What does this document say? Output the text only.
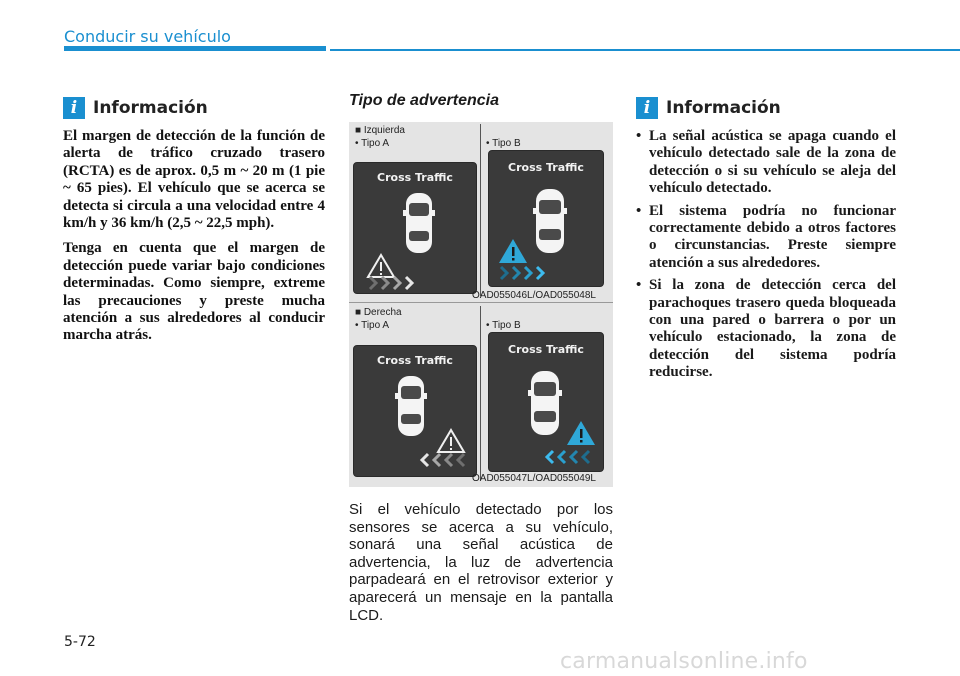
Conducir su vehículo
i Información

El margen de detección de la función de alerta de tráfico cruzado trasero (RCTA) es de aprox. 0,5 m ~ 20 m (1 pie ~ 65 pies). El vehículo que se acerca se detecta si circula a una velocidad entre 4 km/h y 36 km/h (2,5 ~ 22,5 mph).

Tenga en cuenta que el margen de detección puede variar bajo condiciones determinadas. Como siempre, extreme las precauciones y preste mucha atención a sus alrededores al conducir marcha atrás.

Tipo de advertencia
■ Izquierda
• Tipo A	• Tipo B
Cross Traffic
Cross Traffic
OAD055046L/OAD055048L
■ Derecha
• Tipo A	• Tipo B
Cross Traffic
Cross Traffic
OAD055047L/OAD055049L

Si el vehículo detectado por los sensores se acerca a su vehículo, sonará una señal acústica de advertencia, la luz de advertencia parpadeará en el retrovisor exterior y aparecerá un mensaje en la pantalla LCD.

i Información
• La señal acústica se apaga cuando el vehículo detectado sale de la zona de detección o si su vehículo se aleja del vehículo detectado.
• El sistema podría no funcionar correctamente debido a otros factores o circunstancias. Preste siempre atención a sus alrededores.
• Si la zona de detección cerca del parachoques trasero queda bloqueada con una pared o barrera o por un vehículo estacionado, la zona de detección del sistema podría reducirse.
5-72
carmanualsonline.info
